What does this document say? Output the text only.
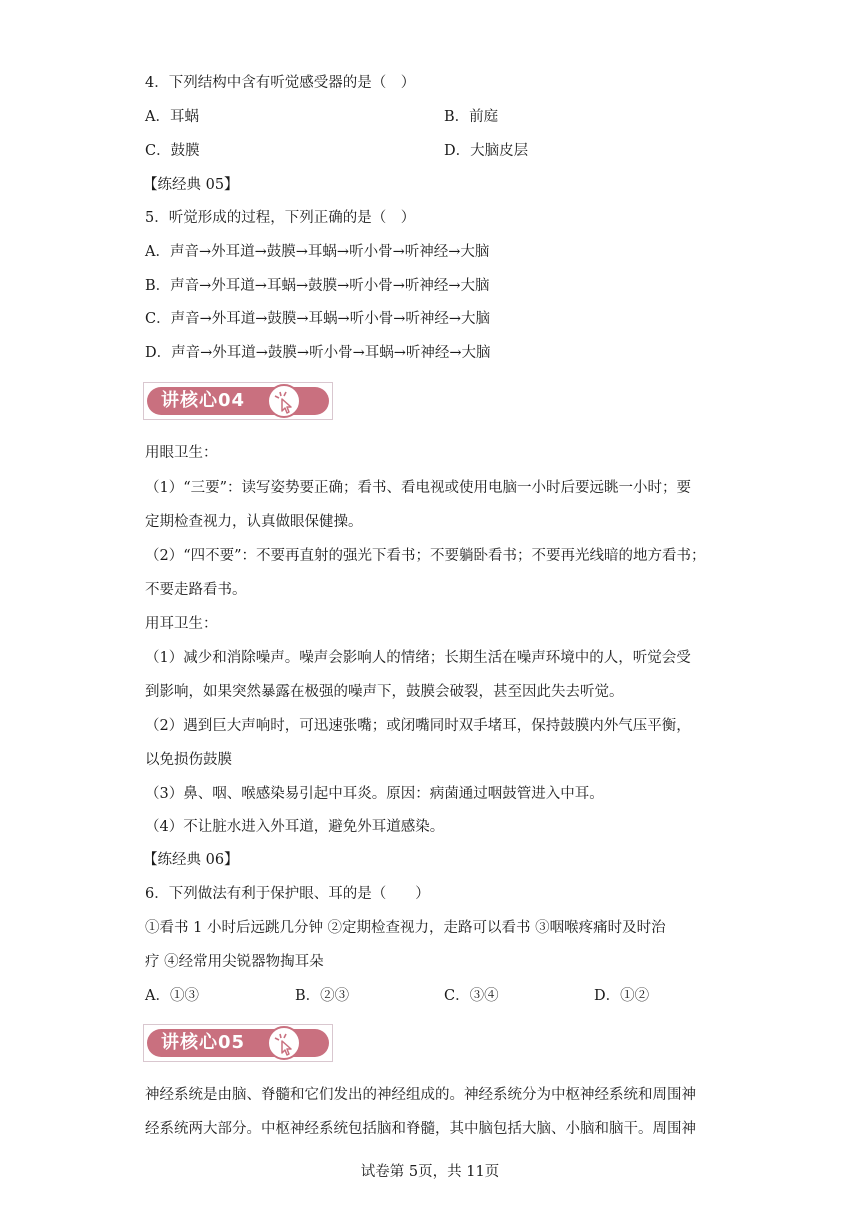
4．下列结构中含有听觉感受器的是（　）
A．耳蜗	B．前庭
C．鼓膜	D．大脑皮层
【练经典 05】
5．听觉形成的过程，下列正确的是（　）
A．声音→外耳道→鼓膜→耳蜗→听小骨→听神经→大脑
B．声音→外耳道→耳蜗→鼓膜→听小骨→听神经→大脑
C．声音→外耳道→鼓膜→耳蜗→听小骨→听神经→大脑
D．声音→外耳道→鼓膜→听小骨→耳蜗→听神经→大脑
讲核心04
用眼卫生：
（1）“三要”：读写姿势要正确；看书、看电视或使用电脑一小时后要远眺一小时；要
定期检查视力，认真做眼保健操。
（2）“四不要”：不要再直射的强光下看书；不要躺卧看书；不要再光线暗的地方看书；
不要走路看书。
用耳卫生：
（1）减少和消除噪声。噪声会影响人的情绪；长期生活在噪声环境中的人，听觉会受
到影响，如果突然暴露在极强的噪声下，鼓膜会破裂，甚至因此失去听觉。
（2）遇到巨大声响时，可迅速张嘴；或闭嘴同时双手堵耳，保持鼓膜内外气压平衡，
以免损伤鼓膜
（3）鼻、咽、喉感染易引起中耳炎。原因：病菌通过咽鼓管进入中耳。
（4）不让脏水进入外耳道，避免外耳道感染。
【练经典 06】
6．下列做法有利于保护眼、耳的是（　　）
①看书 1 小时后远跳几分钟 ②定期检查视力，走路可以看书 ③咽喉疼痛时及时治
疗 ④经常用尖锐器物掏耳朵
A．①③	B．②③	C．③④	D．①②
讲核心05
神经系统是由脑、脊髓和它们发出的神经组成的。神经系统分为中枢神经系统和周围神
经系统两大部分。中枢神经系统包括脑和脊髓，其中脑包括大脑、小脑和脑干。周围神
试卷第 5页，共 11页
